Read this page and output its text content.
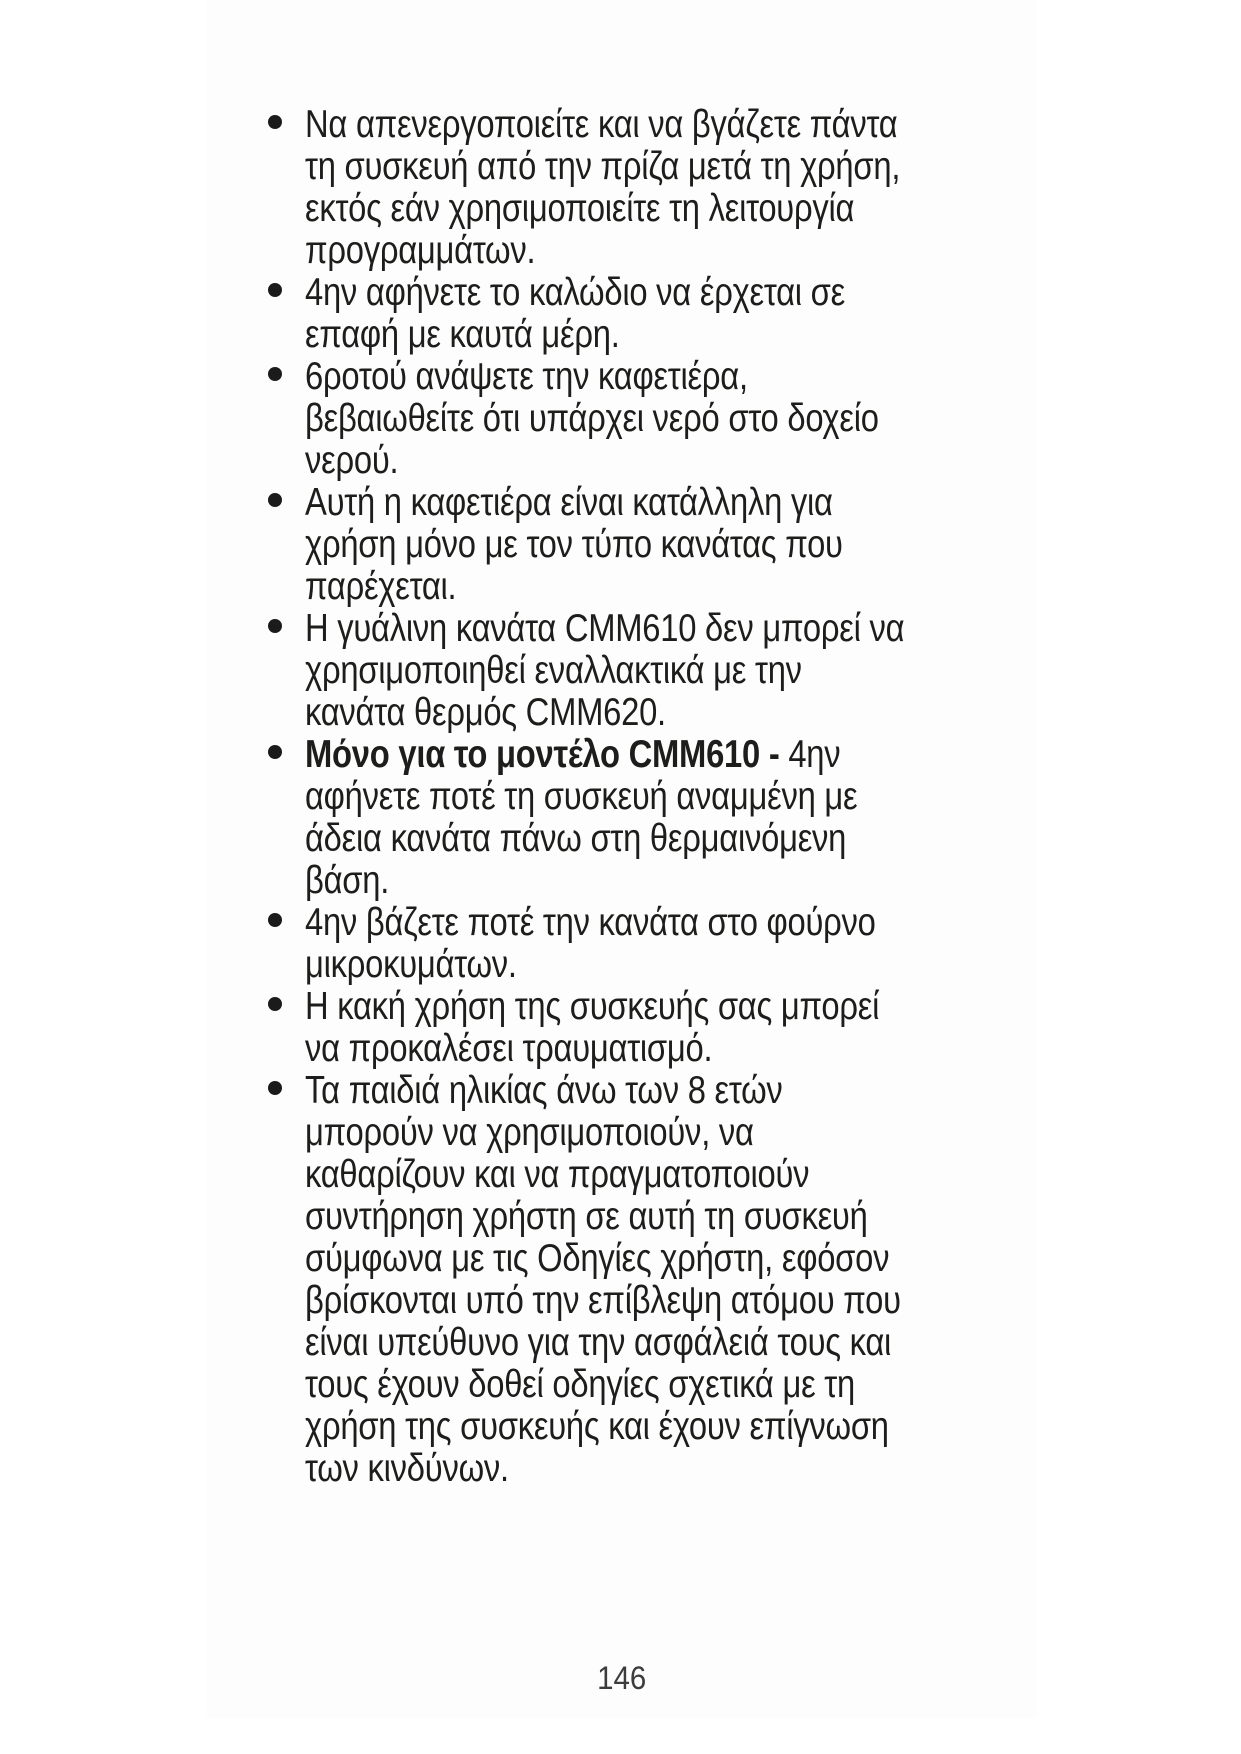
Να απενεργοποιείτε και να βγάζετε πάντα
τη συσκευή από την πρίζα μετά τη χρήση,
εκτός εάν χρησιμοποιείτε τη λειτουργία
προγραμμάτων.
4ην αφήνετε το καλώδιο να έρχεται σε
επαφή με καυτά μέρη.
6ροτού ανάψετε την καφετιέρα,
βεβαιωθείτε ότι υπάρχει νερό στο δοχείο
νερού.
Αυτή η καφετιέρα είναι κατάλληλη για
χρήση μόνο με τον τύπο κανάτας που
παρέχεται.
Η γυάλινη κανάτα CMM610 δεν μπορεί να
χρησιμοποιηθεί εναλλακτικά με την
κανάτα θερμός CMM620.
Μόνο για το μοντέλο CMM610 - 4ην
αφήνετε ποτέ τη συσκευή αναμμένη με
άδεια κανάτα πάνω στη θερμαινόμενη
βάση.
4ην βάζετε ποτέ την κανάτα στο φούρνο
μικροκυμάτων.
Η κακή χρήση της συσκευής σας μπορεί
να προκαλέσει τραυματισμό.
Τα παιδιά ηλικίας άνω των 8 ετών
μπορούν να χρησιμοποιούν, να
καθαρίζουν και να πραγματοποιούν
συντήρηση χρήστη σε αυτή τη συσκευή
σύμφωνα με τις Οδηγίες χρήστη, εφόσον
βρίσκονται υπό την επίβλεψη ατόμου που
είναι υπεύθυνο για την ασφάλειά τους και
τους έχουν δοθεί οδηγίες σχετικά με τη
χρήση της συσκευής και έχουν επίγνωση
των κινδύνων.
146
